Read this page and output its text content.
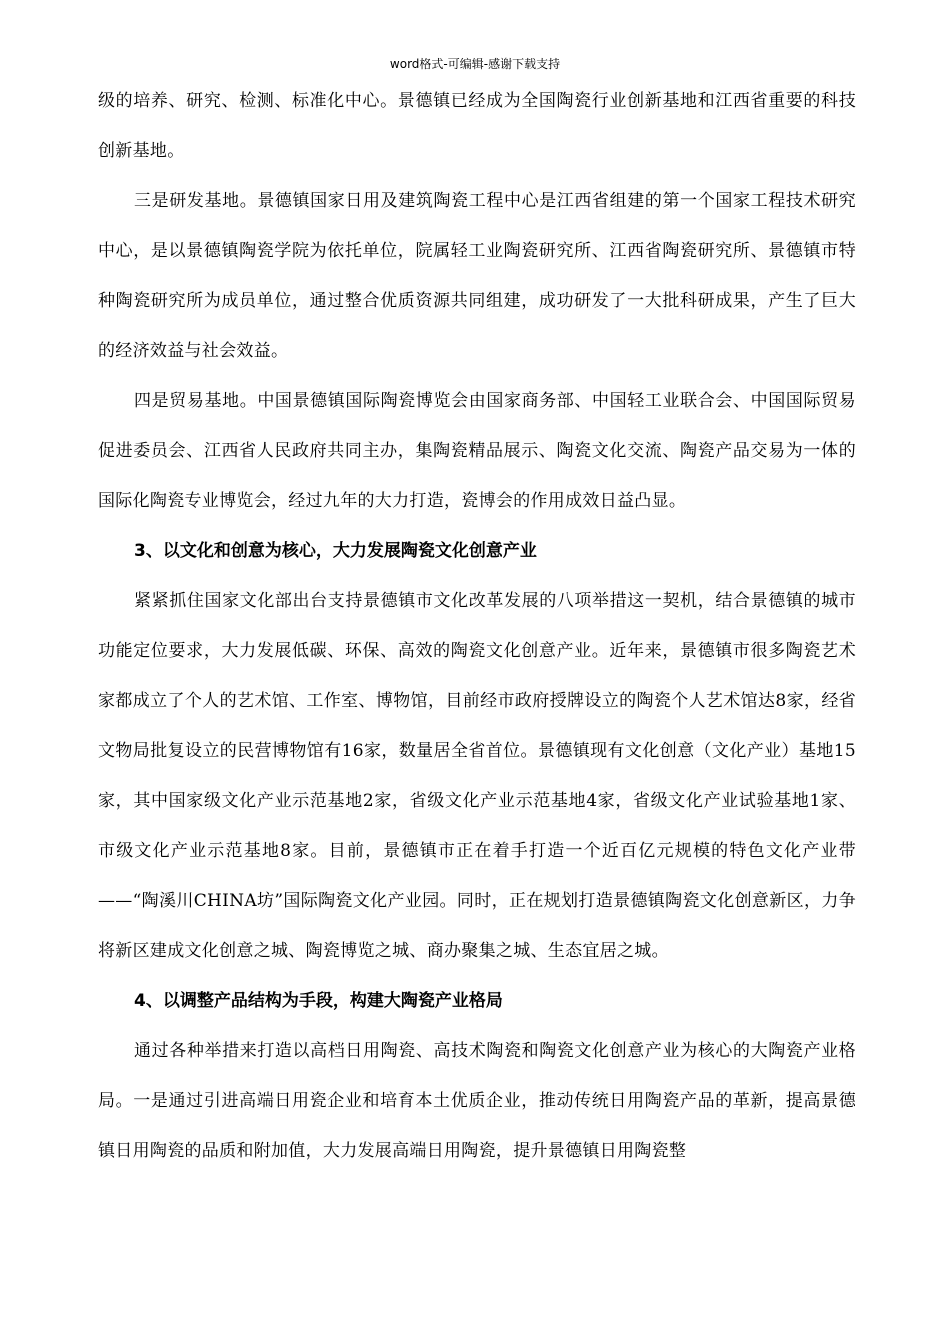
word格式-可编辑-感谢下载支持

级的培养、研究、检测、标准化中心。景德镇已经成为全国陶瓷行业创新基地和江西省重要的科技创新基地。

三是研发基地。景德镇国家日用及建筑陶瓷工程中心是江西省组建的第一个国家工程技术研究中心，是以景德镇陶瓷学院为依托单位，院属轻工业陶瓷研究所、江西省陶瓷研究所、景德镇市特种陶瓷研究所为成员单位，通过整合优质资源共同组建，成功研发了一大批科研成果，产生了巨大的经济效益与社会效益。

四是贸易基地。中国景德镇国际陶瓷博览会由国家商务部、中国轻工业联合会、中国国际贸易促进委员会、江西省人民政府共同主办，集陶瓷精品展示、陶瓷文化交流、陶瓷产品交易为一体的国际化陶瓷专业博览会，经过九年的大力打造，瓷博会的作用成效日益凸显。

3、以文化和创意为核心，大力发展陶瓷文化创意产业

紧紧抓住国家文化部出台支持景德镇市文化改革发展的八项举措这一契机，结合景德镇的城市功能定位要求，大力发展低碳、环保、高效的陶瓷文化创意产业。近年来，景德镇市很多陶瓷艺术家都成立了个人的艺术馆、工作室、博物馆，目前经市政府授牌设立的陶瓷个人艺术馆达8家，经省文物局批复设立的民营博物馆有16家，数量居全省首位。景德镇现有文化创意（文化产业）基地15家，其中国家级文化产业示范基地2家，省级文化产业示范基地4家，省级文化产业试验基地1家、市级文化产业示范基地8家。目前，景德镇市正在着手打造一个近百亿元规模的特色文化产业带——“陶溪川CHINA坊”国际陶瓷文化产业园。同时，正在规划打造景德镇陶瓷文化创意新区，力争将新区建成文化创意之城、陶瓷博览之城、商办聚集之城、生态宜居之城。

4、以调整产品结构为手段，构建大陶瓷产业格局

通过各种举措来打造以高档日用陶瓷、高技术陶瓷和陶瓷文化创意产业为核心的大陶瓷产业格局。一是通过引进高端日用瓷企业和培育本土优质企业，推动传统日用陶瓷产品的革新，提高景德镇日用陶瓷的品质和附加值，大力发展高端日用陶瓷，提升景德镇日用陶瓷整
